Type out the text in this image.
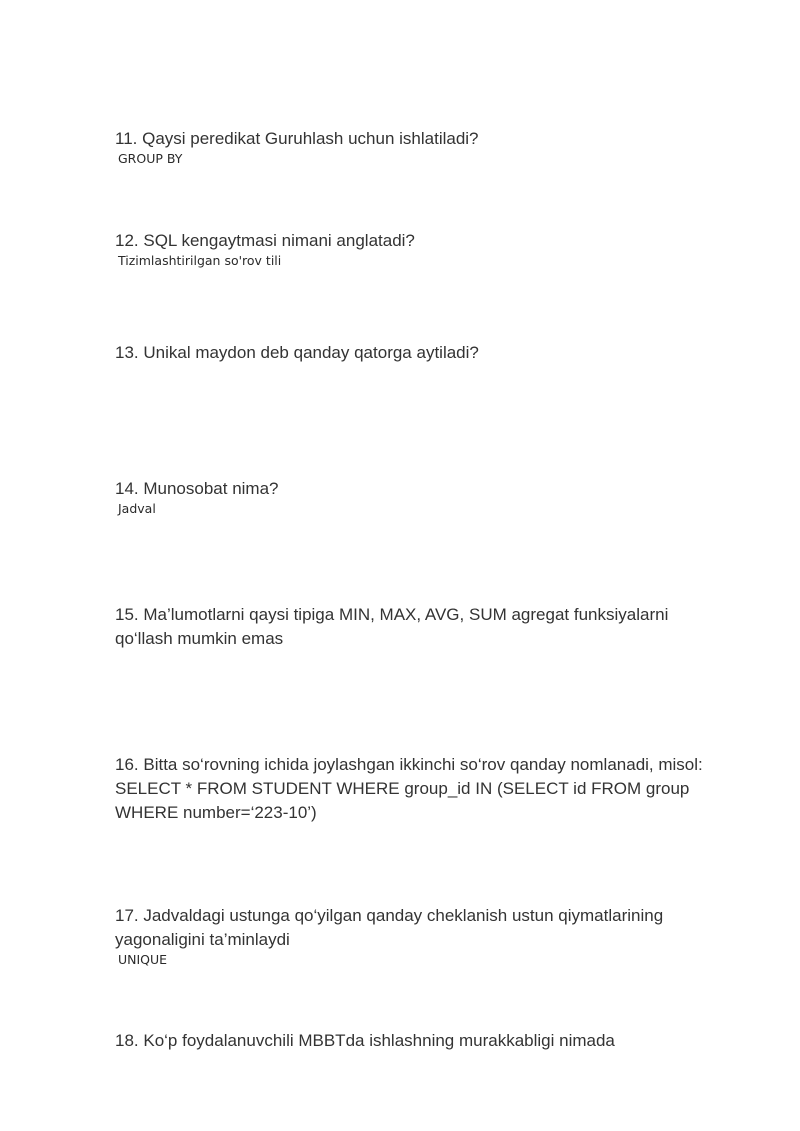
11. Qaysi peredikat Guruhlash uchun ishlatiladi?
GROUP BY
12. SQL kengaytmasi nimani anglatadi?
Tizimlashtirilgan so'rov tili
13. Unikal maydon deb qanday qatorga aytiladi?
14. Munosobat nima?
Jadval
15. Ma’lumotlarni qaysi tipiga MIN, MAX, AVG, SUM agregat funksiyalarni
qo‘llash mumkin emas
16. Bitta so‘rovning ichida joylashgan ikkinchi so‘rov qanday nomlanadi, misol:
SELECT * FROM STUDENT WHERE group_id IN (SELECT id FROM group
WHERE number=‘223-10’)
17. Jadvaldagi ustunga qo‘yilgan qanday cheklanish ustun qiymatlarining
yagonaligini ta’minlaydi
UNIQUE
18. Ko‘p foydalanuvchili MBBTda ishlashning murakkabligi nimada
